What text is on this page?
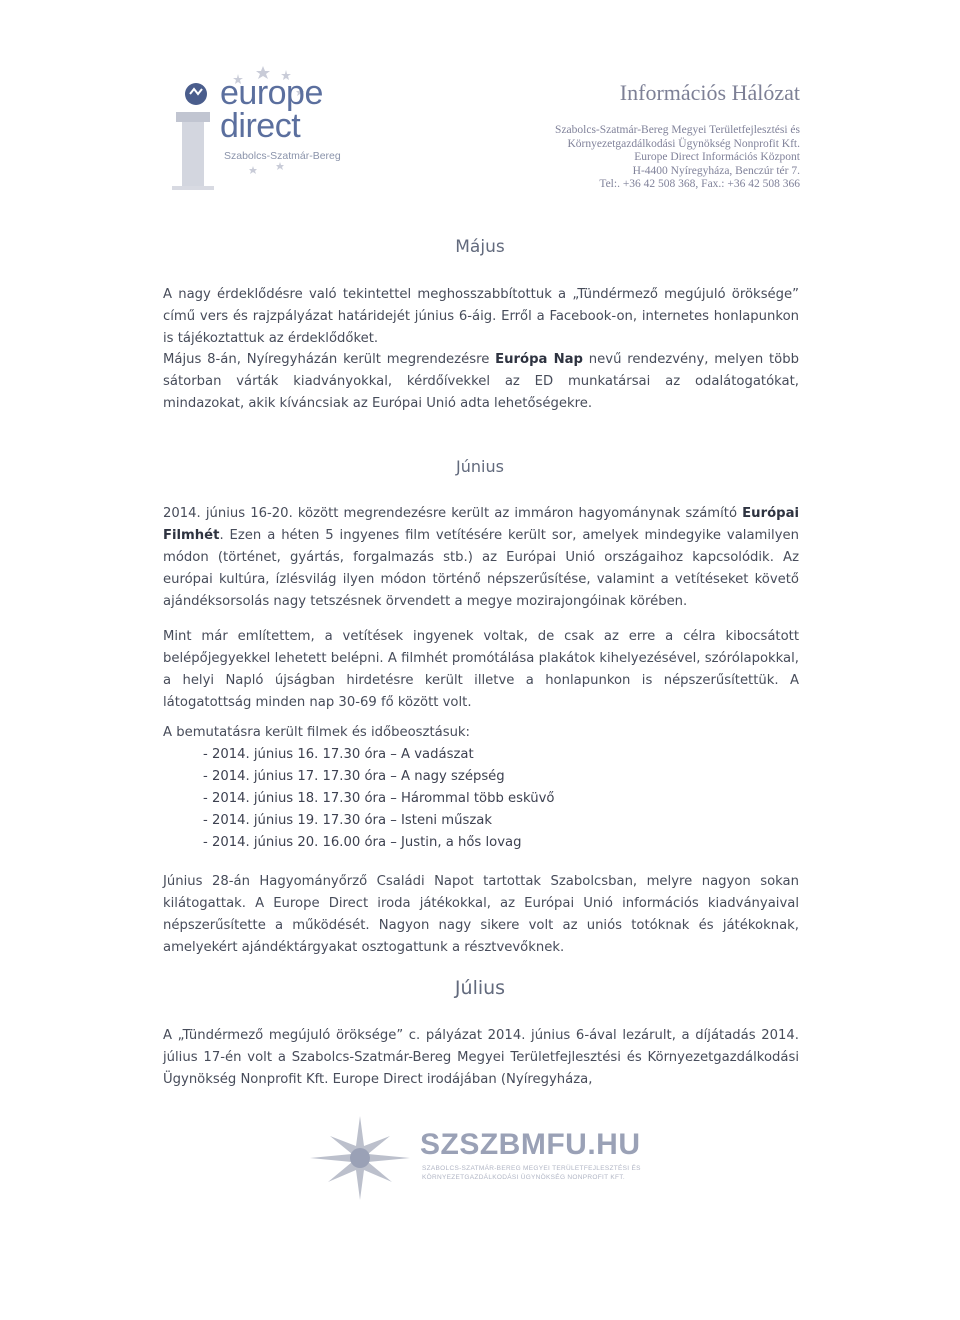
europe
direct
Szabolcs-Szatmár-Bereg
Információs Hálózat
Szabolcs-Szatmár-Bereg Megyei Területfejlesztési és
Környezetgazdálkodási Ügynökség Nonprofit Kft.
Europe Direct Információs Központ
H-4400 Nyíregyháza, Benczúr tér 7.
Tel:. +36 42 508 368, Fax.: +36 42 508 366
Május
A nagy érdeklődésre való tekintettel meghosszabbítottuk a „Tündérmező megújuló öröksége” című vers és rajzpályázat határidejét június 6-áig. Erről a Facebook-on, internetes honlapunkon is tájékoztattuk az érdeklődőket.
Május 8-án, Nyíregyházán került megrendezésre Európa Nap nevű rendezvény, melyen több sátorban várták kiadványokkal, kérdőívekkel az ED munkatársai az odalátogatókat, mindazokat, akik kíváncsiak az Európai Unió adta lehetőségekre.
Június
2014. június 16-20. között megrendezésre került az immáron hagyománynak számító Európai Filmhét. Ezen a héten 5 ingyenes film vetítésére került sor, amelyek mindegyike valamilyen módon (történet, gyártás, forgalmazás stb.) az Európai Unió országaihoz kapcsolódik. Az európai kultúra, ízlésvilág ilyen módon történő népszerűsítése, valamint a vetítéseket követő ajándéksorsolás nagy tetszésnek örvendett a megye mozirajongóinak körében.
Mint már említettem, a vetítések ingyenek voltak, de csak az erre a célra kibocsátott belépőjegyekkel lehetett belépni. A filmhét promótálása plakátok kihelyezésével, szórólapokkal, a helyi Napló újságban hirdetésre került illetve a honlapunkon is népszerűsítettük. A látogatottság minden nap 30-69 fő között volt.
A bemutatásra került filmek és időbeosztásuk:
- 2014. június 16. 17.30 óra – A vadászat
- 2014. június 17. 17.30 óra – A nagy szépség
- 2014. június 18. 17.30 óra – Hárommal több esküvő
- 2014. június 19. 17.30 óra – Isteni műszak
- 2014. június 20. 16.00 óra – Justin, a hős lovag
Június 28-án Hagyományőrző Családi Napot tartottak Szabolcsban, melyre nagyon sokan kilátogattak. A Europe Direct iroda játékokkal, az Európai Unió információs kiadványaival népszerűsítette a működését. Nagyon nagy sikere volt az uniós totóknak és játékoknak, amelyekért ajándéktárgyakat osztogattunk a résztvevőknek.
Július
A „Tündérmező megújuló öröksége” c. pályázat 2014. június 6-ával lezárult, a díjátadás 2014. július 17-én volt a Szabolcs-Szatmár-Bereg Megyei Területfejlesztési és Környezetgazdálkodási Ügynökség Nonprofit Kft. Europe Direct irodájában (Nyíregyháza,
SZSZBMFU.HU
SZABOLCS-SZATMÁR-BEREG MEGYEI TERÜLETFEJLESZTÉSI ÉS
KÖRNYEZETGAZDÁLKODÁSI ÜGYNÖKSÉG NONPROFIT KFT.
